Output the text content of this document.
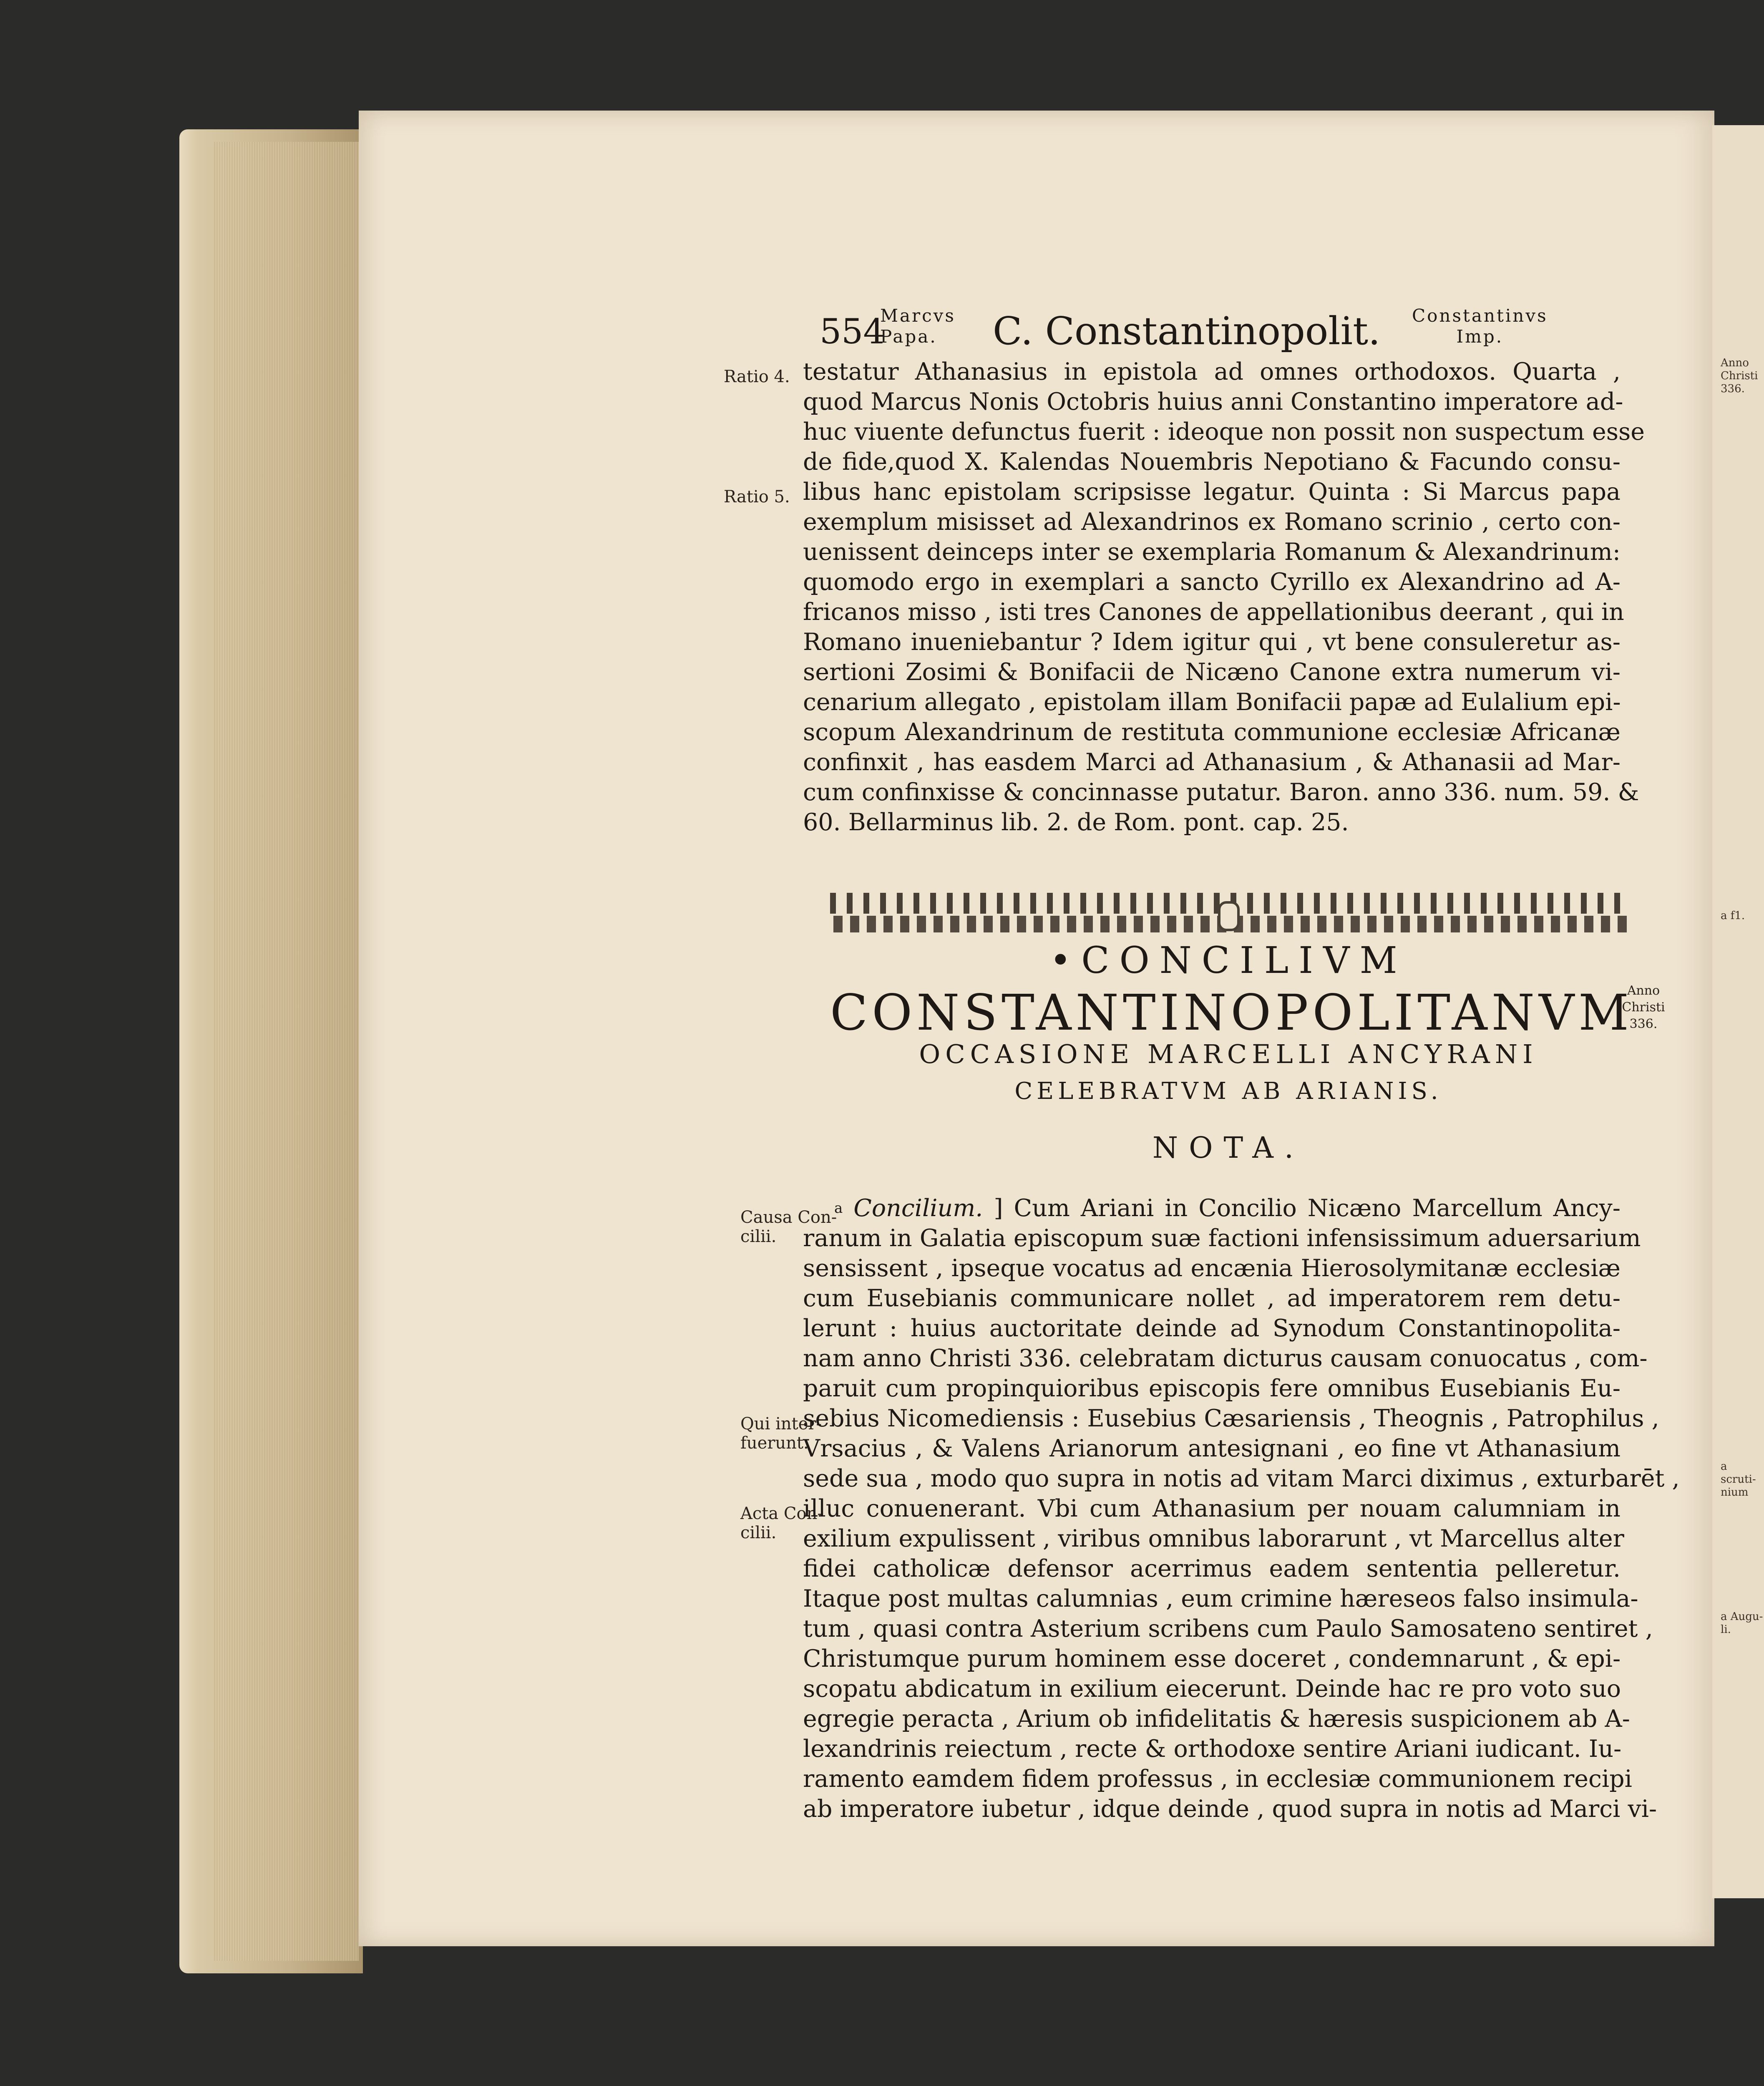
Anno
Christi
336.
a f1.
a scruti-
nium
a Augu-
li.
554
Marcvs
Papa.	C. Constantinopolit. Constantinvs
Imp.
Ratio 4.
Ratio 5.
Causa Con-
cilii.
Qui inter-
fuerunt.
Acta Con-
cilii.
testatur Athanasius in epistola ad omnes orthodoxos. Quarta ,
quod Marcus Nonis Octobris huius anni Constantino imperatore ad-
huc viuente defunctus fuerit : ideoque non possit non suspectum esse
de fide,quod X. Kalendas Nouembris Nepotiano & Facundo consu-
libus hanc epistolam scripsisse legatur. Quinta : Si Marcus papa
exemplum misisset ad Alexandrinos ex Romano scrinio , certo con-
uenissent deinceps inter se exemplaria Romanum & Alexandrinum:
quomodo ergo in exemplari a sancto Cyrillo ex Alexandrino ad A-
fricanos misso , isti tres Canones de appellationibus deerant , qui in
Romano inueniebantur ? Idem igitur qui , vt bene consuleretur as-
sertioni Zosimi & Bonifacii de Nicæno Canone extra numerum vi-
cenarium allegato , epistolam illam Bonifacii papæ ad Eulalium epi-
scopum Alexandrinum de restituta communione ecclesiæ Africanæ
confinxit , has easdem Marci ad Athanasium , & Athanasii ad Mar-
cum confinxisse & concinnasse putatur. Baron. anno 336. num. 59. &
60. Bellarminus lib. 2. de Rom. pont. cap. 25.
•CONCILIVM
CONSTANTINOPOLITANVM
OCCASIONE MARCELLI ANCYRANI
CELEBRATVM AB ARIANIS.
NOTA.
Anno
Christi
336.
$^a$ Concilium. ] Cum Ariani in Concilio Nicæno Marcellum Ancy-
ranum in Galatia episcopum suæ factioni infensissimum aduersarium
sensissent , ipseque vocatus ad encænia Hierosolymitanæ ecclesiæ
cum Eusebianis communicare nollet , ad imperatorem rem detu-
lerunt : huius auctoritate deinde ad Synodum Constantinopolita-
nam anno Christi 336. celebratam dicturus causam conuocatus , com-
paruit cum propinquioribus episcopis fere omnibus Eusebianis Eu-
sebius Nicomediensis : Eusebius Cæsariensis , Theognis , Patrophilus ,
Vrsacius , & Valens Arianorum antesignani , eo fine vt Athanasium
sede sua , modo quo supra in notis ad vitam Marci diximus , exturbarēt ,
illuc conuenerant. Vbi cum Athanasium per nouam calumniam in
exilium expulissent , viribus omnibus laborarunt , vt Marcellus alter
fidei catholicæ defensor acerrimus eadem sententia pelleretur.
Itaque post multas calumnias , eum crimine hæreseos falso insimula-
tum , quasi contra Asterium scribens cum Paulo Samosateno sentiret ,
Christumque purum hominem esse doceret , condemnarunt , & epi-
scopatu abdicatum in exilium eiecerunt. Deinde hac re pro voto suo
egregie peracta , Arium ob infidelitatis & hæresis suspicionem ab A-
lexandrinis reiectum , recte & orthodoxe sentire Ariani iudicant. Iu-
ramento eamdem fidem professus , in ecclesiæ communionem recipi
ab imperatore iubetur , idque deinde , quod supra in notis ad Marci vi-
